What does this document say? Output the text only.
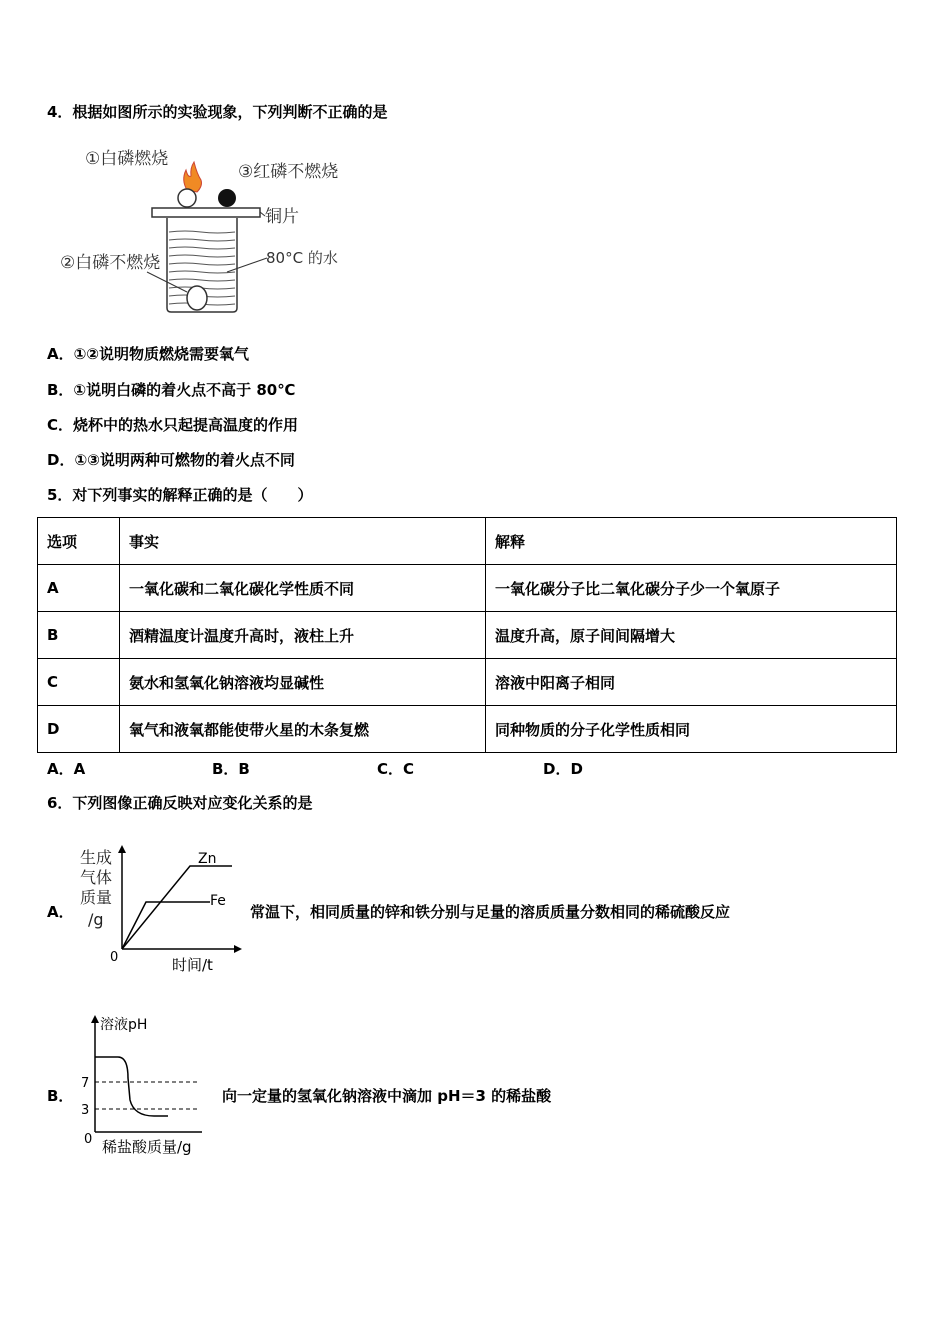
4．根据如图所示的实验现象，下列判断不正确的是
①白磷燃烧
③红磷不燃烧
铜片
②白磷不燃烧	80°C 的水
A．①②说明物质燃烧需要氧气
B．①说明白磷的着火点不高于 80℃
C．烧杯中的热水只起提高温度的作用
D．①③说明两种可燃物的着火点不同
5．对下列事实的解释正确的是（　　）
选项	事实	解释
A	一氧化碳和二氧化碳化学性质不同	一氧化碳分子比二氧化碳分子少一个氧原子
B	酒精温度计温度升高时，液柱上升	温度升高，原子间间隔增大
C	氨水和氢氧化钠溶液均显碱性	溶液中阳离子相同
D	氧气和液氧都能使带火星的木条复燃	同种物质的分子化学性质相同
A．A	B．B	C．C	D．D
6．下列图像正确反映对应变化关系的是
A．
生成
气体
质量
/g
0	时间/t
Zn
Fe
常温下，相同质量的锌和铁分别与足量的溶质质量分数相同的稀硫酸反应
B．
溶液pH
7
3
0 稀盐酸质量/g
向一定量的氢氧化钠溶液中滴加 pH＝3 的稀盐酸
